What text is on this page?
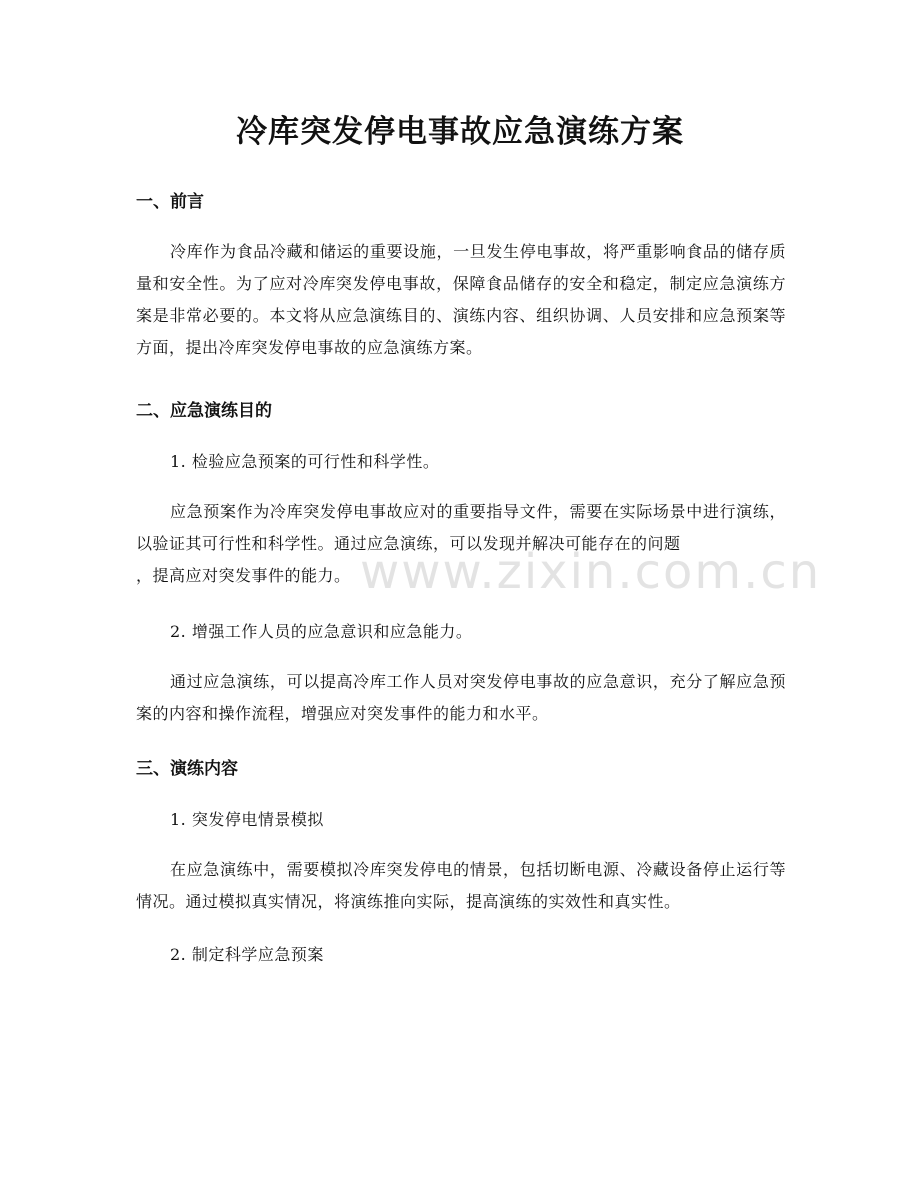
冷库突发停电事故应急演练方案
一、前言

冷库作为食品冷藏和储运的重要设施，一旦发生停电事故，将严重影响食品的储存质量和安全性。为了应对冷库突发停电事故，保障食品储存的安全和稳定，制定应急演练方案是非常必要的。本文将从应急演练目的、演练内容、组织协调、人员安排和应急预案等方面，提出冷库突发停电事故的应急演练方案。

二、应急演练目的

1. 检验应急预案的可行性和科学性。

应急预案作为冷库突发停电事故应对的重要指导文件，需要在实际场景中进行演练，以验证其可行性和科学性。通过应急演练，可以发现并解决可能存在的问题

，提高应对突发事件的能力。

2. 增强工作人员的应急意识和应急能力。

通过应急演练，可以提高冷库工作人员对突发停电事故的应急意识，充分了解应急预案的内容和操作流程，增强应对突发事件的能力和水平。

三、演练内容

1. 突发停电情景模拟

在应急演练中，需要模拟冷库突发停电的情景，包括切断电源、冷藏设备停止运行等情况。通过模拟真实情况，将演练推向实际，提高演练的实效性和真实性。

2. 制定科学应急预案

www.zixin.com.cn
